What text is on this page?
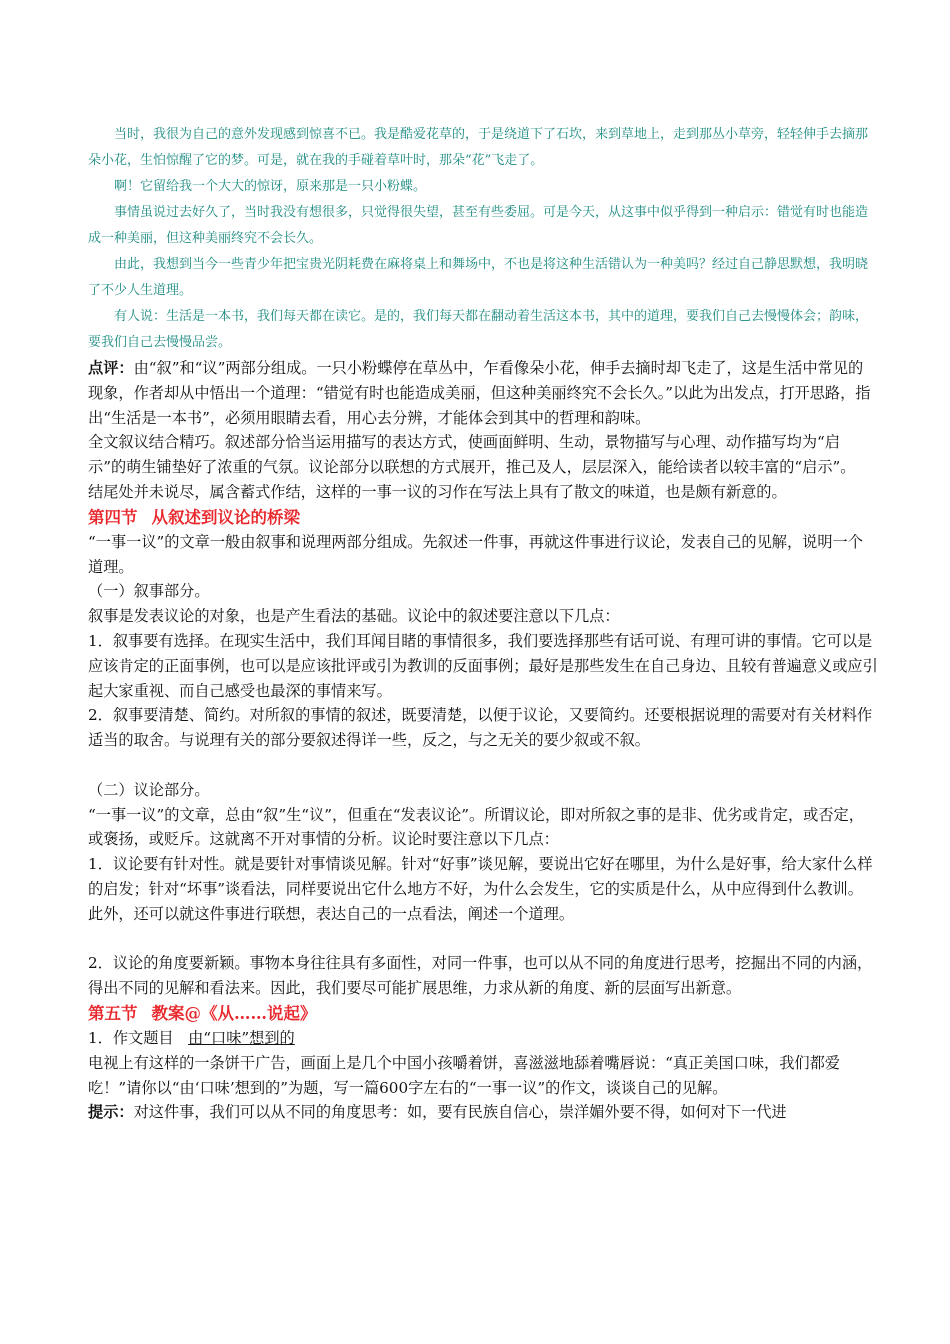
当时，我很为自己的意外发现感到惊喜不已。我是酷爱花草的，于是绕道下了石坎，来到草地上，走到那丛小草旁，轻轻伸手去摘那朵小花，生怕惊醒了它的梦。可是，就在我的手碰着草叶时，那朵“花”飞走了。

啊！它留给我一个大大的惊讶，原来那是一只小粉蝶。

事情虽说过去好久了，当时我没有想很多，只觉得很失望，甚至有些委屈。可是今天，从这事中似乎得到一种启示：错觉有时也能造成一种美丽，但这种美丽终究不会长久。

由此，我想到当今一些青少年把宝贵光阴耗费在麻将桌上和舞场中，不也是将这种生活错认为一种美吗？经过自己静思默想，我明晓了不少人生道理。

有人说：生活是一本书，我们每天都在读它。是的，我们每天都在翻动着生活这本书，其中的道理，要我们自己去慢慢体会；韵味，要我们自己去慢慢品尝。

点评：由“叙”和“议”两部分组成。一只小粉蝶停在草丛中，乍看像朵小花，伸手去摘时却飞走了，这是生活中常见的现象，作者却从中悟出一个道理：“错觉有时也能造成美丽，但这种美丽终究不会长久。”以此为出发点，打开思路，指出“生活是一本书”，必须用眼睛去看，用心去分辨，才能体会到其中的哲理和韵味。

全文叙议结合精巧。叙述部分恰当运用描写的表达方式，使画面鲜明、生动，景物描写与心理、动作描写均为“启示”的萌生铺垫好了浓重的气氛。议论部分以联想的方式展开，推己及人，层层深入，能给读者以较丰富的“启示”。

结尾处并未说尽，属含蓄式作结，这样的一事一议的习作在写法上具有了散文的味道，也是颇有新意的。

第四节 从叙述到议论的桥梁

“一事一议”的文章一般由叙事和说理两部分组成。先叙述一件事，再就这件事进行议论，发表自己的见解，说明一个道理。

（一）叙事部分。

叙事是发表议论的对象，也是产生看法的基础。议论中的叙述要注意以下几点：

1．叙事要有选择。在现实生活中，我们耳闻目睹的事情很多，我们要选择那些有话可说、有理可讲的事情。它可以是应该肯定的正面事例，也可以是应该批评或引为教训的反面事例；最好是那些发生在自己身边、且较有普遍意义或应引起大家重视、而自己感受也最深的事情来写。

2．叙事要清楚、简约。对所叙的事情的叙述，既要清楚，以便于议论，又要简约。还要根据说理的需要对有关材料作适当的取舍。与说理有关的部分要叙述得详一些，反之，与之无关的要少叙或不叙。

（二）议论部分。

“一事一议”的文章，总由“叙”生“议”，但重在“发表议论”。所谓议论，即对所叙之事的是非、优劣或肯定，或否定，或褒扬，或贬斥。这就离不开对事情的分析。议论时要注意以下几点：

1．议论要有针对性。就是要针对事情谈见解。针对“好事”谈见解，要说出它好在哪里，为什么是好事，给大家什么样的启发；针对“坏事”谈看法，同样要说出它什么地方不好，为什么会发生，它的实质是什么，从中应得到什么教训。此外，还可以就这件事进行联想，表达自己的一点看法，阐述一个道理。

2．议论的角度要新颖。事物本身往往具有多面性，对同一件事，也可以从不同的角度进行思考，挖掘出不同的内涵，得出不同的见解和看法来。因此，我们要尽可能扩展思维，力求从新的角度、新的层面写出新意。

第五节 教案@《从……说起》

1．作文题目 由“口味”想到的

电视上有这样的一条饼干广告，画面上是几个中国小孩嚼着饼，喜滋滋地舔着嘴唇说：“真正美国口味，我们都爱吃！”请你以“由‘口味’想到的”为题，写一篇600字左右的“一事一议”的作文，谈谈自己的见解。

提示：对这件事，我们可以从不同的角度思考：如，要有民族自信心，崇洋媚外要不得，如何对下一代进
